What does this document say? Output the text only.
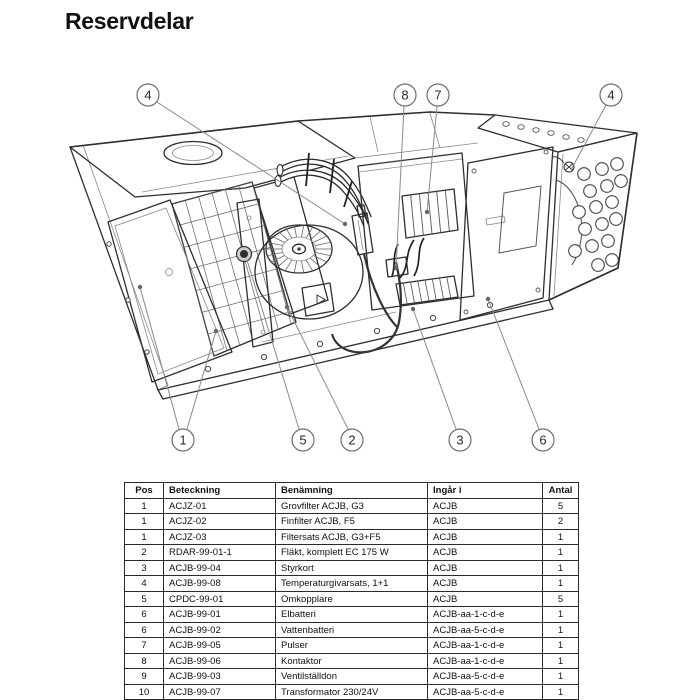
Reservdelar
4	8 7	4
1	5	2	3	6
Pos	Beteckning	Benämning	Ingår i	Antal
1	ACJZ-01	Grovfilter ACJB, G3	ACJB	5
1	ACJZ-02	Finfilter ACJB, F5	ACJB	2
1	ACJZ-03	Filtersats ACJB, G3+F5	ACJB	1
2	RDAR-99-01-1	Fläkt, komplett EC 175 W	ACJB	1
3	ACJB-99-04	Styrkort	ACJB	1
4	ACJB-99-08	Temperaturgivarsats, 1+1	ACJB	1
5	CPDC-99-01	Omkopplare	ACJB	5
6	ACJB-99-01	Elbatteri	ACJB-aa-1-c-d-e	1
6	ACJB-99-02	Vattenbatteri	ACJB-aa-5-c-d-e	1
7	ACJB-99-05	Pulser	ACJB-aa-1-c-d-e	1
8	ACJB-99-06	Kontaktor	ACJB-aa-1-c-d-e	1
9	ACJB-99-03	Ventilställdon	ACJB-aa-5-c-d-e	1
10	ACJB-99-07	Transformator 230/24V	ACJB-aa-5-c-d-e	1
